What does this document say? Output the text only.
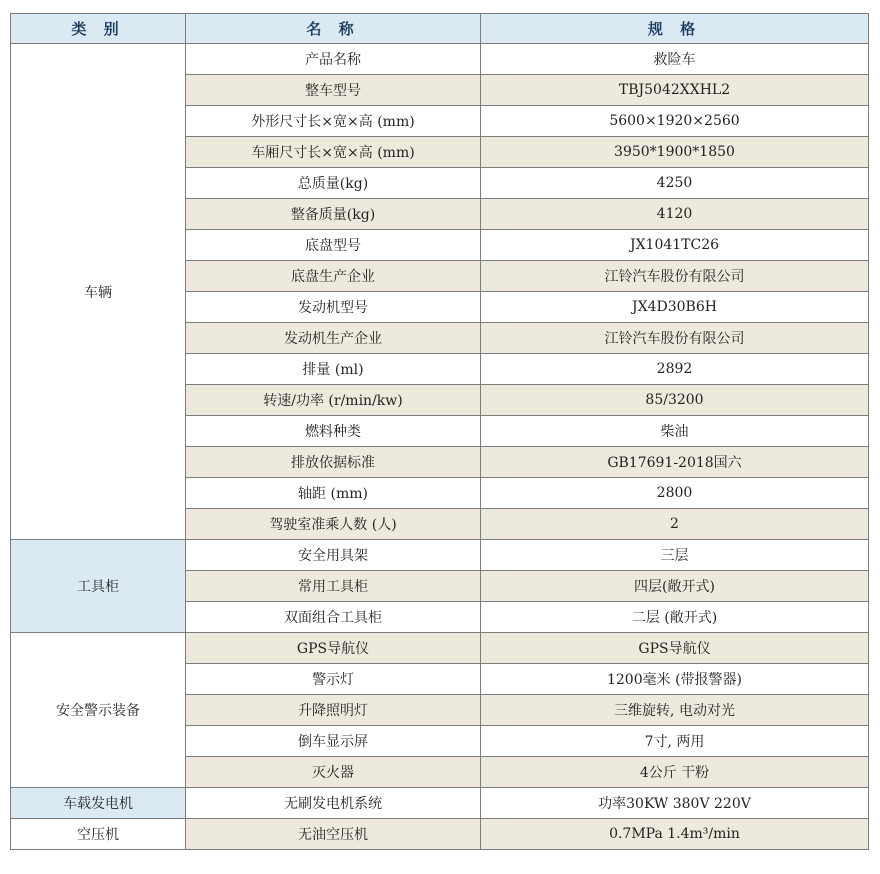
类 别	名 称	规 格
车辆	产品名称	救险车
	整车型号	TBJ5042XXHL2
	外形尺寸长×宽×高 (mm)	5600×1920×2560
	车厢尺寸长×宽×高 (mm)	3950*1900*1850
	总质量(kg)	4250
	整备质量(kg)	4120
	底盘型号	JX1041TC26
	底盘生产企业	江铃汽车股份有限公司
	发动机型号	JX4D30B6H
	发动机生产企业	江铃汽车股份有限公司
	排量 (ml)	2892
	转速/功率 (r/min/kw)	85/3200
	燃料种类	柴油
	排放依据标准	GB17691-2018国六
	轴距 (mm)	2800
	驾驶室准乘人数 (人)	2
工具柜	安全用具架	三层
	常用工具柜	四层(敞开式)
	双面组合工具柜	二层 (敞开式)
安全警示装备	GPS导航仪	GPS导航仪
	警示灯	1200毫米 (带报警器)
	升降照明灯	三维旋转, 电动对光
	倒车显示屏	7寸, 两用
	灭火器	4公斤 干粉
车载发电机	无刷发电机系统	功率30KW 380V 220V
空压机	无油空压机	0.7MPa 1.4m³/min
